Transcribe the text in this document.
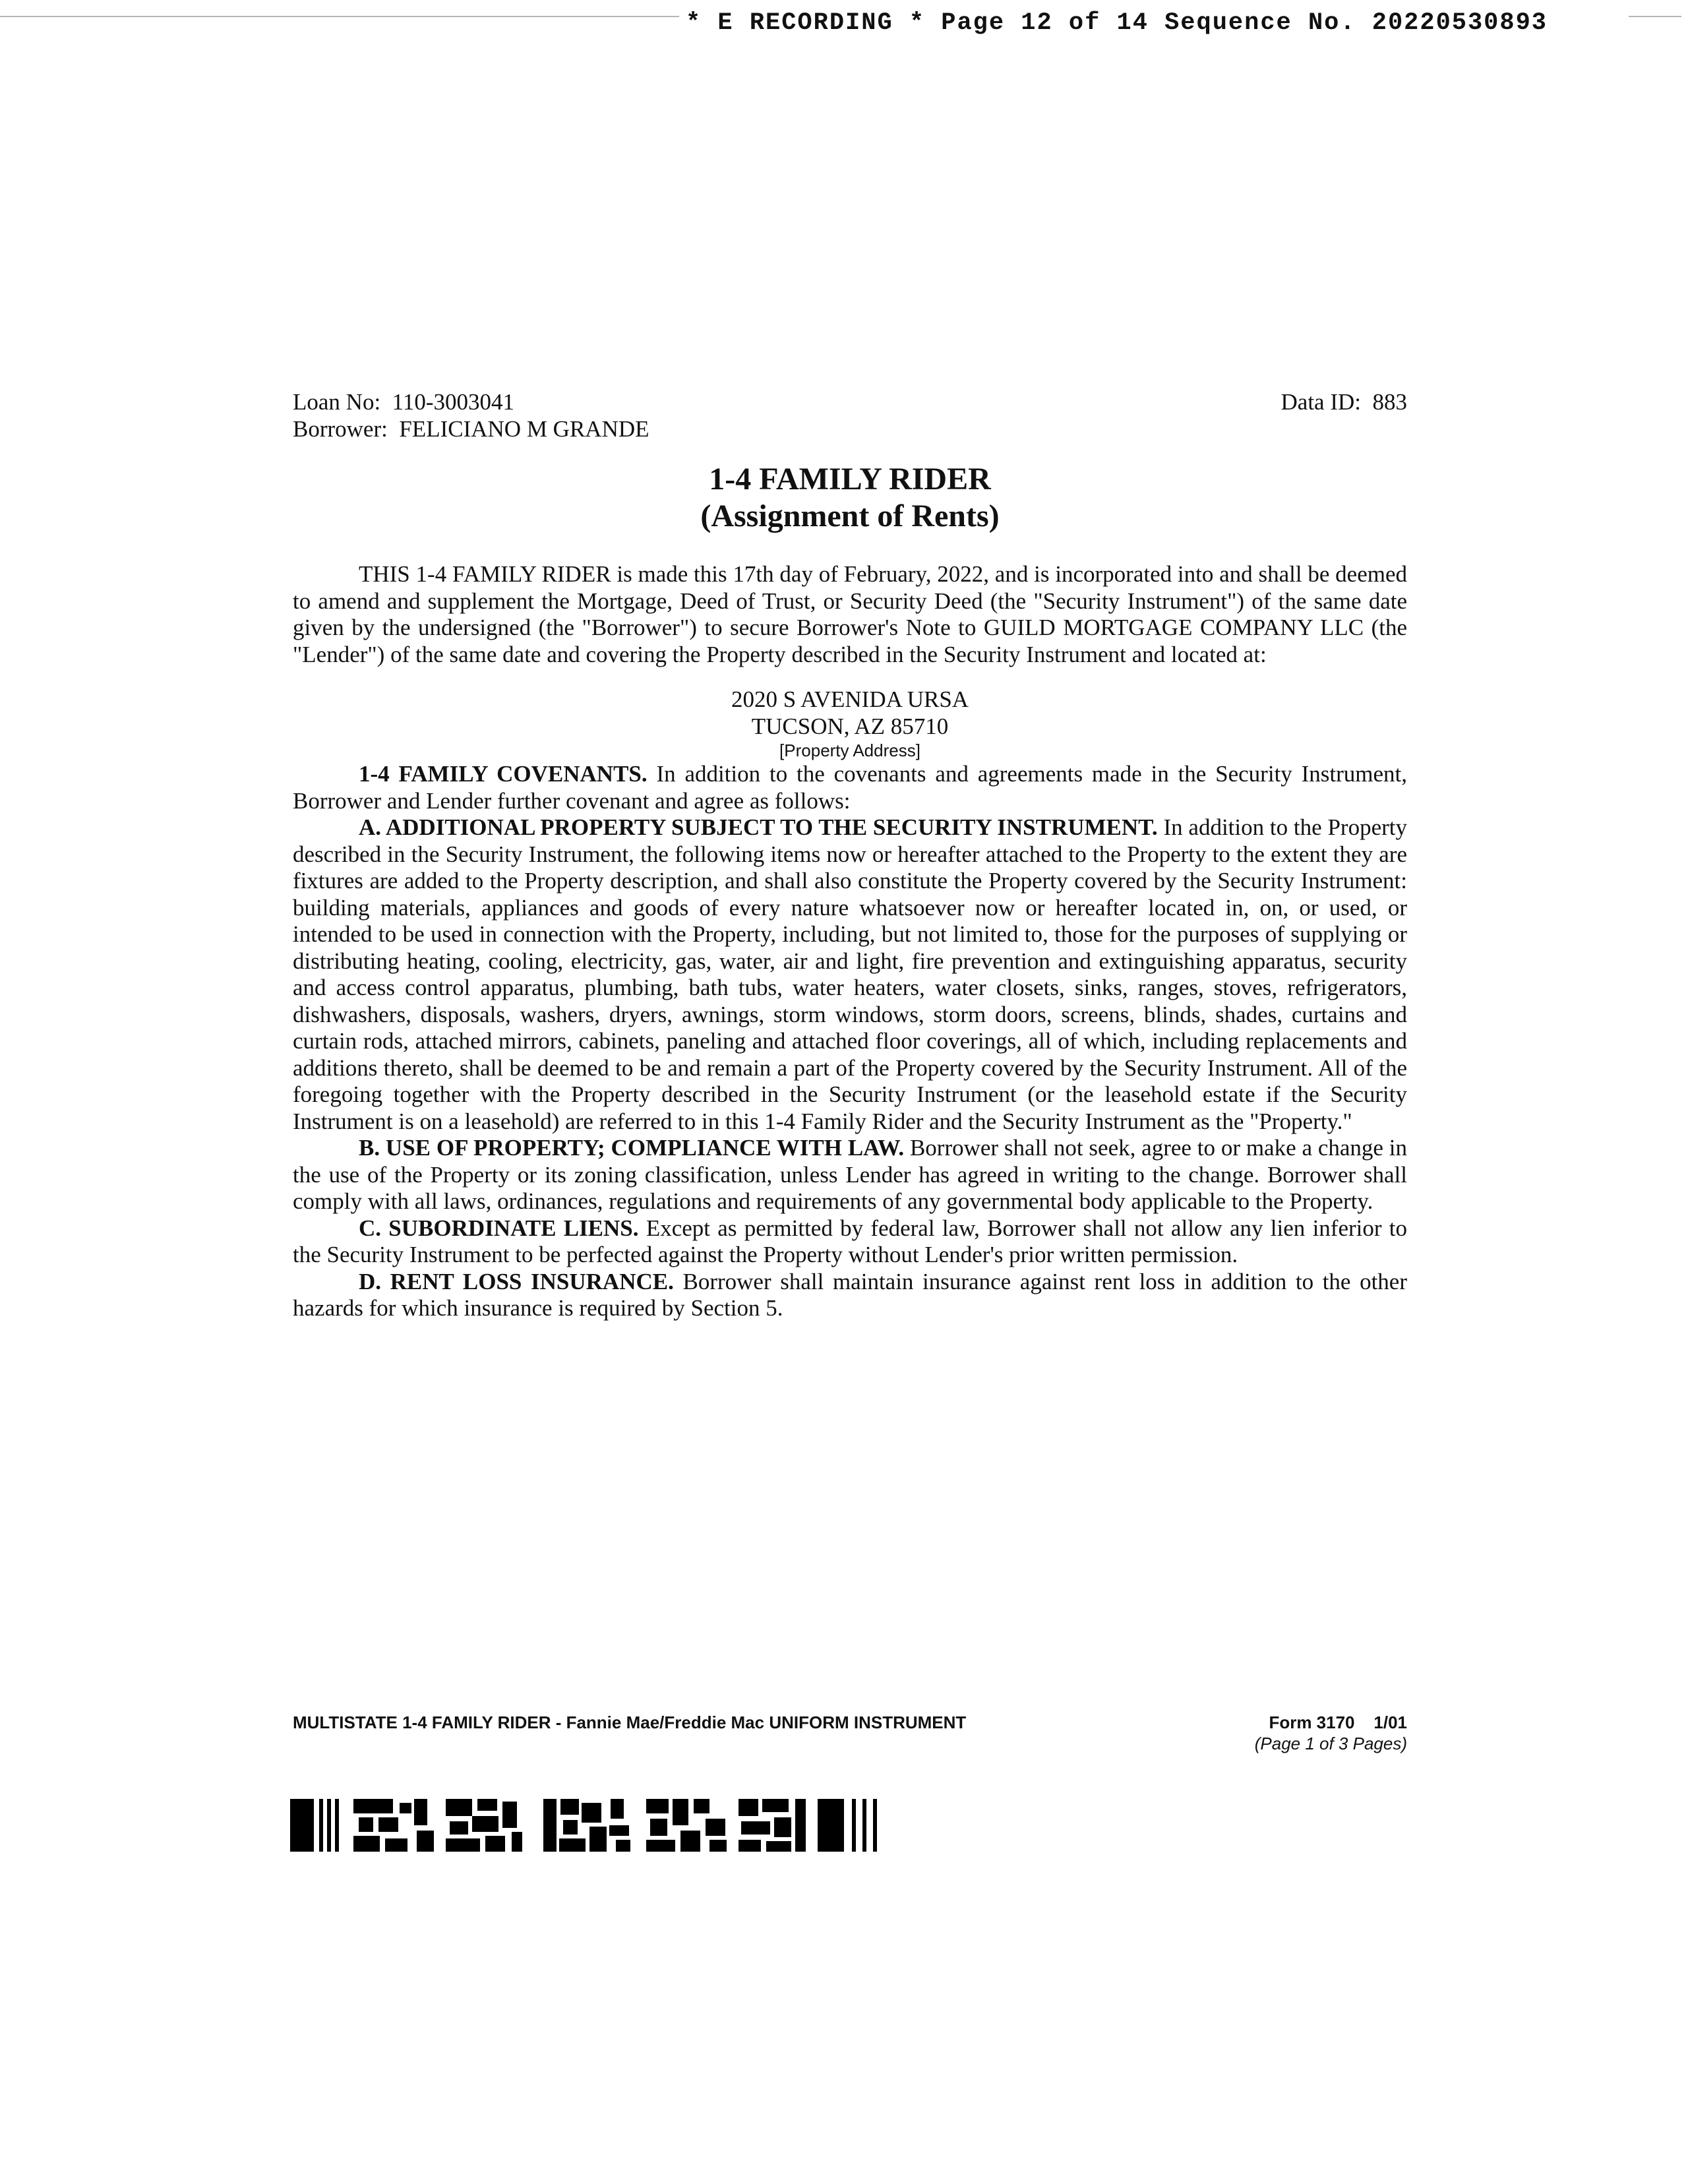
* E RECORDING * Page 12 of 14 Sequence No. 20220530893
Loan No: 110-3003041
Borrower: FELICIANO M GRANDE
Data ID: 883
1-4 FAMILY RIDER
(Assignment of Rents)

THIS 1-4 FAMILY RIDER is made this 17th day of February, 2022, and is incorporated into and shall be deemed to amend and supplement the Mortgage, Deed of Trust, or Security Deed (the "Security Instrument") of the same date given by the undersigned (the "Borrower") to secure Borrower's Note to GUILD MORTGAGE COMPANY LLC (the "Lender") of the same date and covering the Property described in the Security Instrument and located at:

2020 S AVENIDA URSA
TUCSON, AZ 85710
[Property Address]

1-4 FAMILY COVENANTS. In addition to the covenants and agreements made in the Security Instrument, Borrower and Lender further covenant and agree as follows:

A. ADDITIONAL PROPERTY SUBJECT TO THE SECURITY INSTRUMENT. In addition to the Property described in the Security Instrument, the following items now or hereafter attached to the Property to the extent they are fixtures are added to the Property description, and shall also constitute the Property covered by the Security Instrument: building materials, appliances and goods of every nature whatsoever now or hereafter located in, on, or used, or intended to be used in connection with the Property, including, but not limited to, those for the purposes of supplying or distributing heating, cooling, electricity, gas, water, air and light, fire prevention and extinguishing apparatus, security and access control apparatus, plumbing, bath tubs, water heaters, water closets, sinks, ranges, stoves, refrigerators, dishwashers, disposals, washers, dryers, awnings, storm windows, storm doors, screens, blinds, shades, curtains and curtain rods, attached mirrors, cabinets, paneling and attached floor coverings, all of which, including replacements and additions thereto, shall be deemed to be and remain a part of the Property covered by the Security Instrument. All of the foregoing together with the Property described in the Security Instrument (or the leasehold estate if the Security Instrument is on a leasehold) are referred to in this 1-4 Family Rider and the Security Instrument as the "Property."

B. USE OF PROPERTY; COMPLIANCE WITH LAW. Borrower shall not seek, agree to or make a change in the use of the Property or its zoning classification, unless Lender has agreed in writing to the change. Borrower shall comply with all laws, ordinances, regulations and requirements of any governmental body applicable to the Property.

C. SUBORDINATE LIENS. Except as permitted by federal law, Borrower shall not allow any lien inferior to the Security Instrument to be perfected against the Property without Lender's prior written permission.

D. RENT LOSS INSURANCE. Borrower shall maintain insurance against rent loss in addition to the other hazards for which insurance is required by Section 5.

MULTISTATE 1-4 FAMILY RIDER - Fannie Mae/Freddie Mac UNIFORM INSTRUMENT	Form 3170    1/01
(Page 1 of 3 Pages)
